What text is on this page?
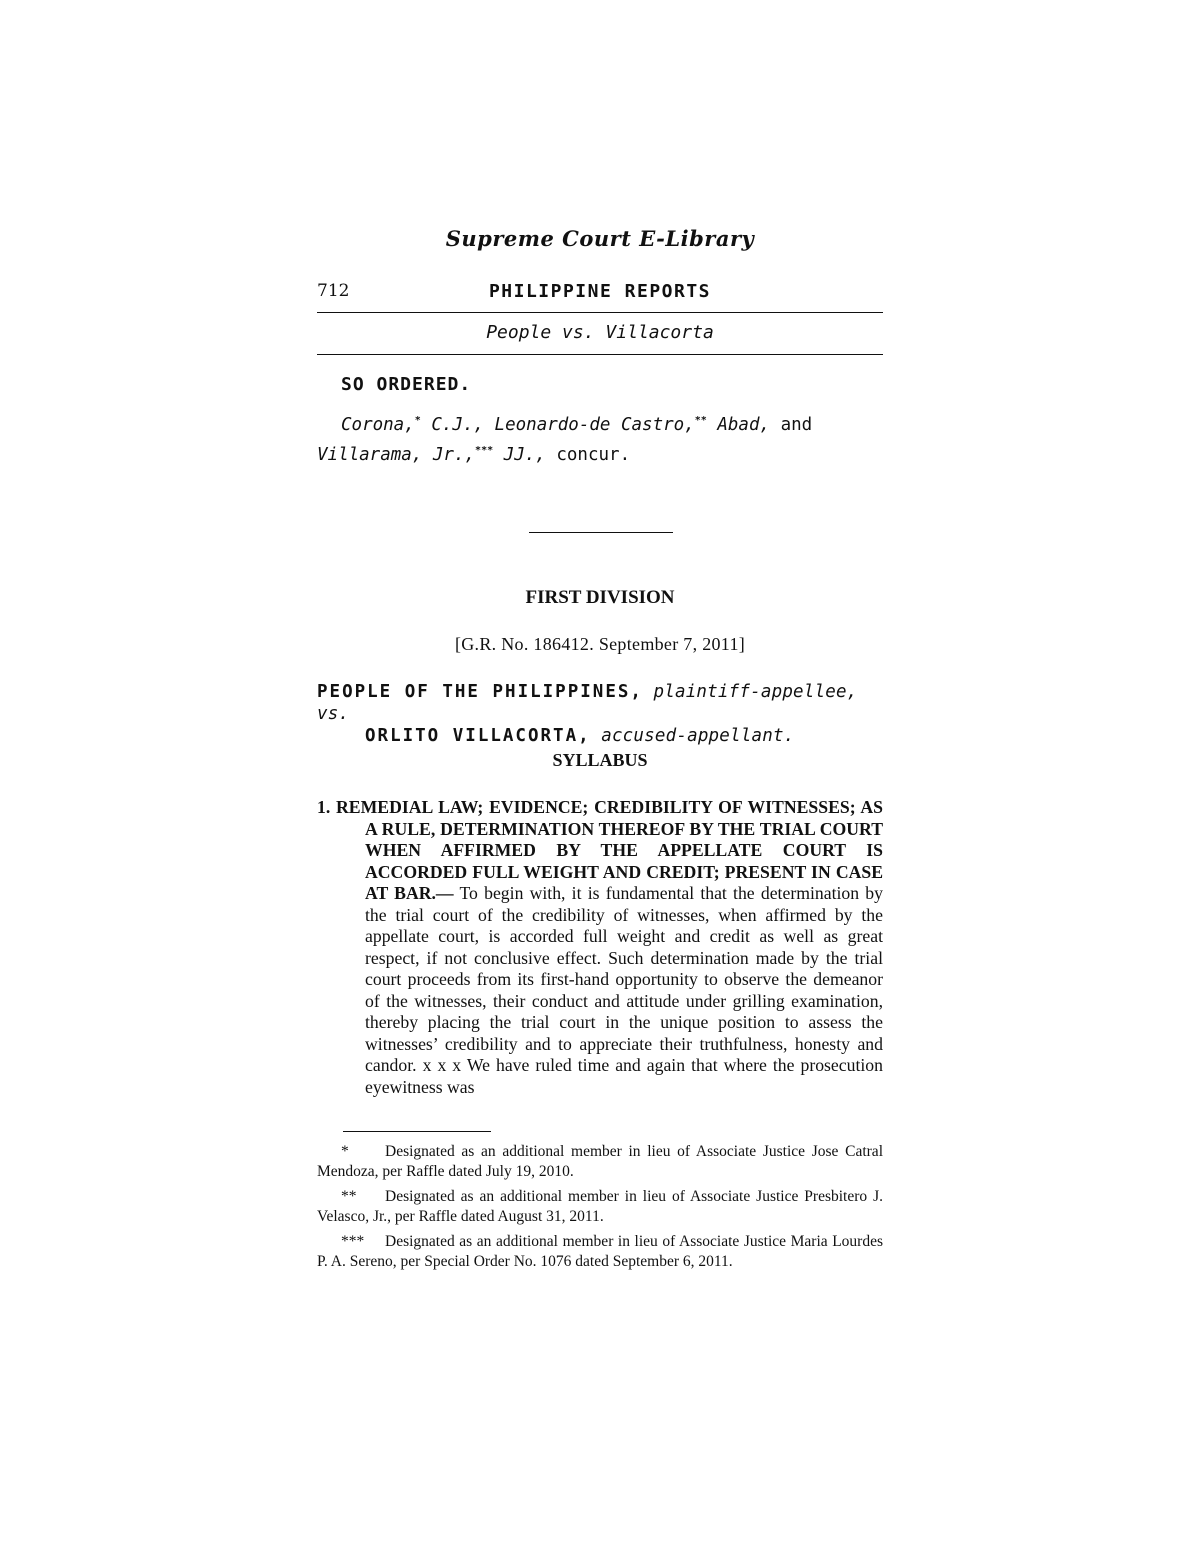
Supreme Court E-Library
712	PHILIPPINE REPORTS
People vs. Villacorta
SO ORDERED.
Corona,* C.J., Leonardo-de Castro,** Abad, and Villarama, Jr.,*** JJ., concur.
FIRST DIVISION
[G.R. No. 186412. September 7, 2011]
PEOPLE OF THE PHILIPPINES, plaintiff-appellee, vs.
ORLITO VILLACORTA, accused-appellant.
SYLLABUS
1. REMEDIAL LAW; EVIDENCE; CREDIBILITY OF WITNESSES; AS A RULE, DETERMINATION THEREOF BY THE TRIAL COURT WHEN AFFIRMED BY THE APPELLATE COURT IS ACCORDED FULL WEIGHT AND CREDIT; PRESENT IN CASE AT BAR.— To begin with, it is fundamental that the determination by the trial court of the credibility of witnesses, when affirmed by the appellate court, is accorded full weight and credit as well as great respect, if not conclusive effect. Such determination made by the trial court proceeds from its first-hand opportunity to observe the demeanor of the witnesses, their conduct and attitude under grilling examination, thereby placing the trial court in the unique position to assess the witnesses’ credibility and to appreciate their truthfulness, honesty and candor. x x x We have ruled time and again that where the prosecution eyewitness was
* Designated as an additional member in lieu of Associate Justice Jose Catral Mendoza, per Raffle dated July 19, 2010.
** Designated as an additional member in lieu of Associate Justice Presbitero J. Velasco, Jr., per Raffle dated August 31, 2011.
*** Designated as an additional member in lieu of Associate Justice Maria Lourdes P. A. Sereno, per Special Order No. 1076 dated September 6, 2011.
